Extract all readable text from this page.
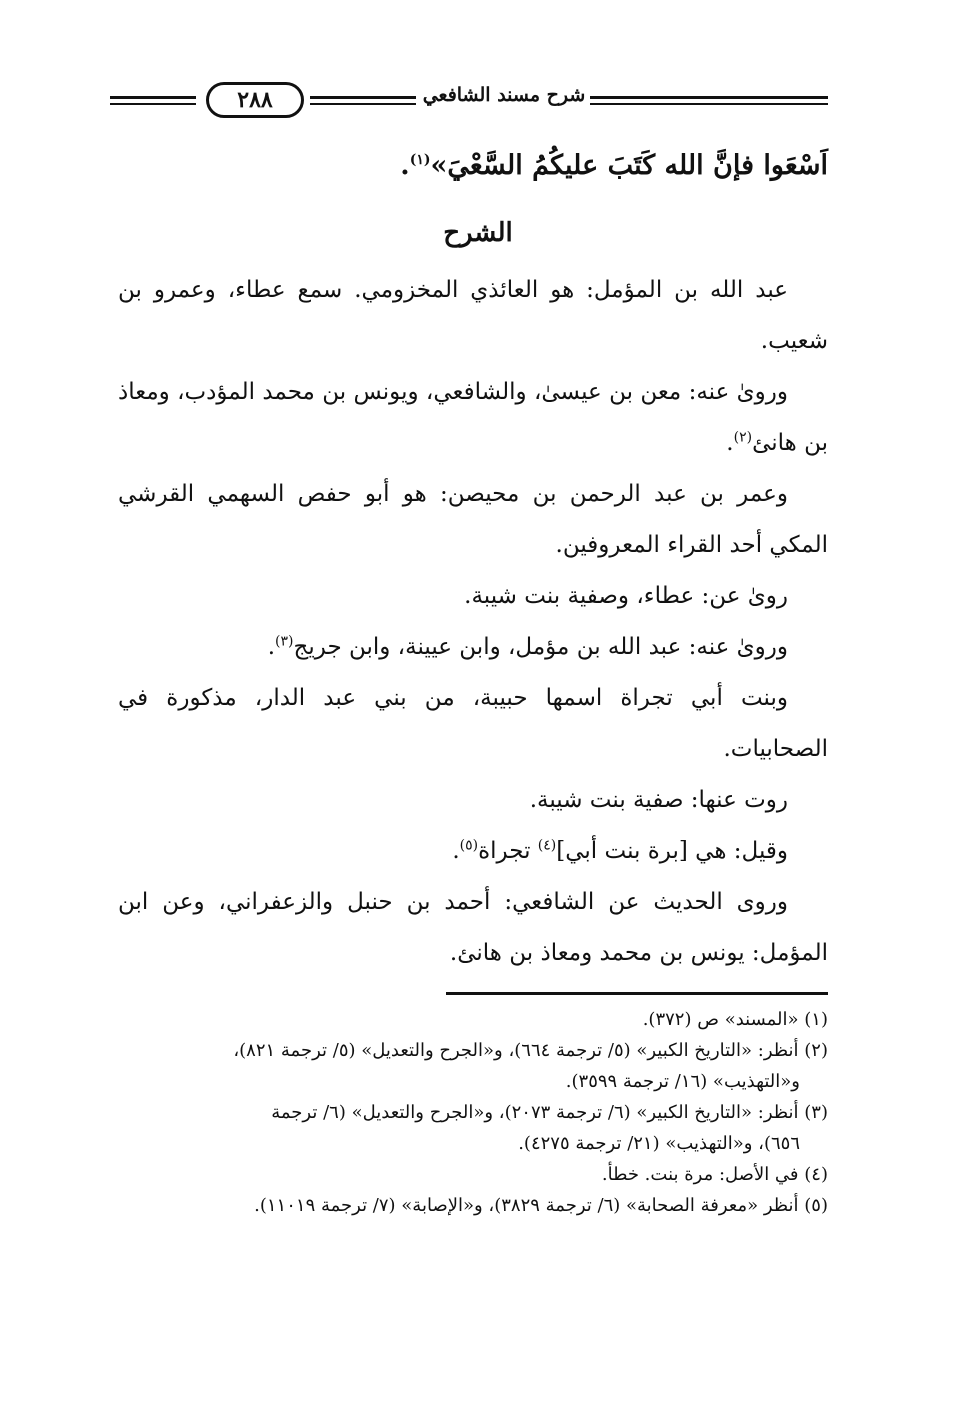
٢٨٨	شرح مسند الشافعي
اَسْعَوا فإنَّ الله كَتَبَ عليكُمُ السَّعْيَ»$^{(١)}$.
الشرح

عبد الله بن المؤمل: هو العائذي المخزومي. سمع عطاء، وعمرو بن شعيب.

وروىٰ عنه: معن بن عيسىٰ، والشافعي، ويونس بن محمد المؤدب، ومعاذ بن هانئ$^{(٢)}$.

وعمر بن عبد الرحمن بن محيصن: هو أبو حفص السهمي القرشي المكي أحد القراء المعروفين.

روىٰ عن: عطاء، وصفية بنت شيبة.

وروىٰ عنه: عبد الله بن مؤمل، وابن عيينة، وابن جريج$^{(٣)}$.

وبنت أبي تجراة اسمها حبيبة، من بني عبد الدار، مذكورة في الصحابيات.

روت عنها: صفية بنت شيبة.

وقيل: هي [برة بنت أبي]$^{(٤)}$ تجراة$^{(٥)}$.

وروى الحديث عن الشافعي: أحمد بن حنبل والزعفراني، وعن ابن المؤمل: يونس بن محمد ومعاذ بن هانئ.

(١) «المسند» ص (٣٧٢).

(٢) أنظر: «التاريخ الكبير» (٥/ ترجمة ٦٦٤)، و«الجرح والتعديل» (٥/ ترجمة ٨٢١)،
و«التهذيب» (١٦/ ترجمة ٣٥٩٩).

(٣) أنظر: «التاريخ الكبير» (٦/ ترجمة ٢٠٧٣)، و«الجرح والتعديل» (٦/ ترجمة
٦٥٦)، و«التهذيب» (٢١/ ترجمة ٤٢٧٥).

(٤) في الأصل: مرة بنت. خطأ.

(٥) أنظر «معرفة الصحابة» (٦/ ترجمة ٣٨٢٩)، و«الإصابة» (٧/ ترجمة ١١٠١٩).
